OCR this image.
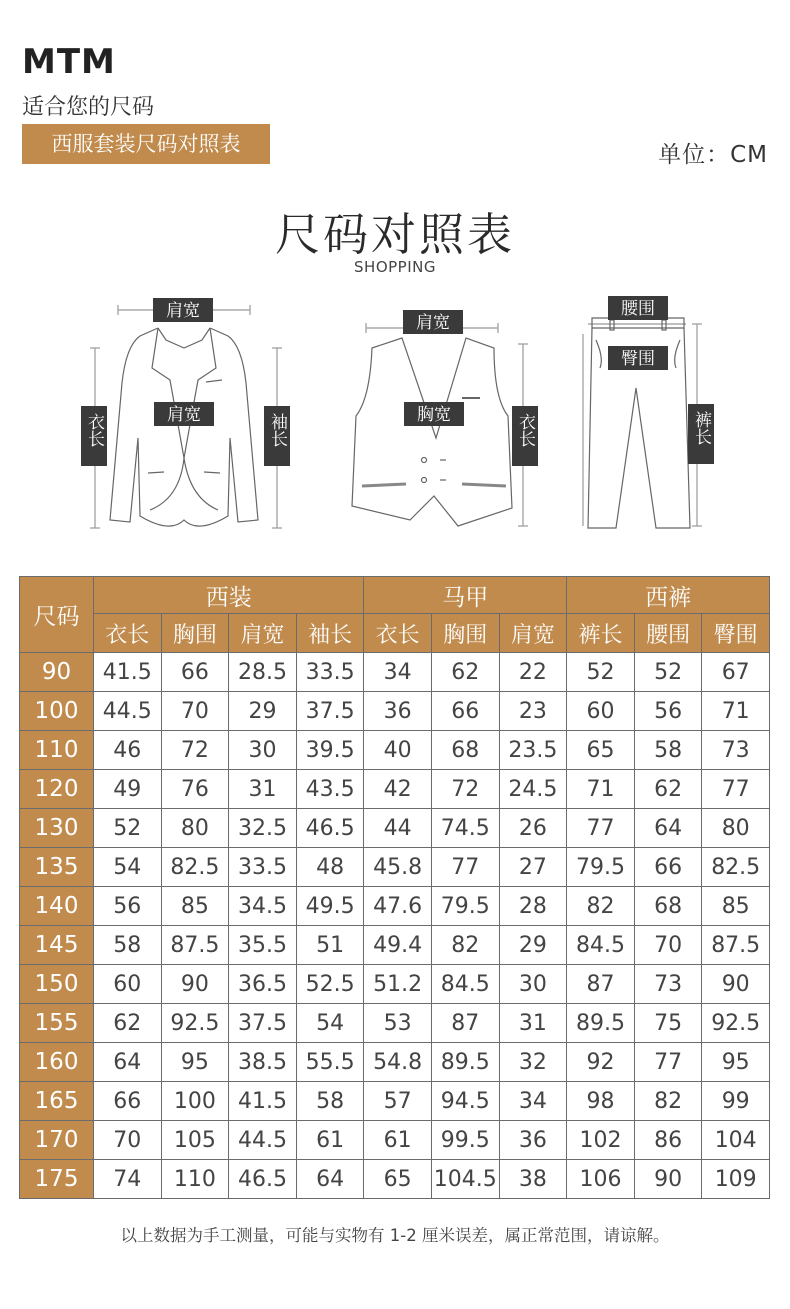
MTM
适合您的尺码
西服套装尺码对照表	单位：CM
尺码对照表
SHOPPING
肩宽
肩宽
衣长	袖长
肩宽
胸宽	衣长
腰围
臀围
裤长
尺码	西装				马甲			西裤		
	衣长	胸围	肩宽	袖长	衣长	胸围	肩宽	裤长	腰围	臀围
90	41.5	66	28.5	33.5	34	62	22	52	52	67
100	44.5	70	29	37.5	36	66	23	60	56	71
110	46	72	30	39.5	40	68	23.5	65	58	73
120	49	76	31	43.5	42	72	24.5	71	62	77
130	52	80	32.5	46.5	44	74.5	26	77	64	80
135	54	82.5	33.5	48	45.8	77	27	79.5	66	82.5
140	56	85	34.5	49.5	47.6	79.5	28	82	68	85
145	58	87.5	35.5	51	49.4	82	29	84.5	70	87.5
150	60	90	36.5	52.5	51.2	84.5	30	87	73	90
155	62	92.5	37.5	54	53	87	31	89.5	75	92.5
160	64	95	38.5	55.5	54.8	89.5	32	92	77	95
165	66	100	41.5	58	57	94.5	34	98	82	99
170	70	105	44.5	61	61	99.5	36	102	86	104
175	74	110	46.5	64	65	104.5	38	106	90	109
以上数据为手工测量，可能与实物有 1-2 厘米误差，属正常范围，请谅解。
